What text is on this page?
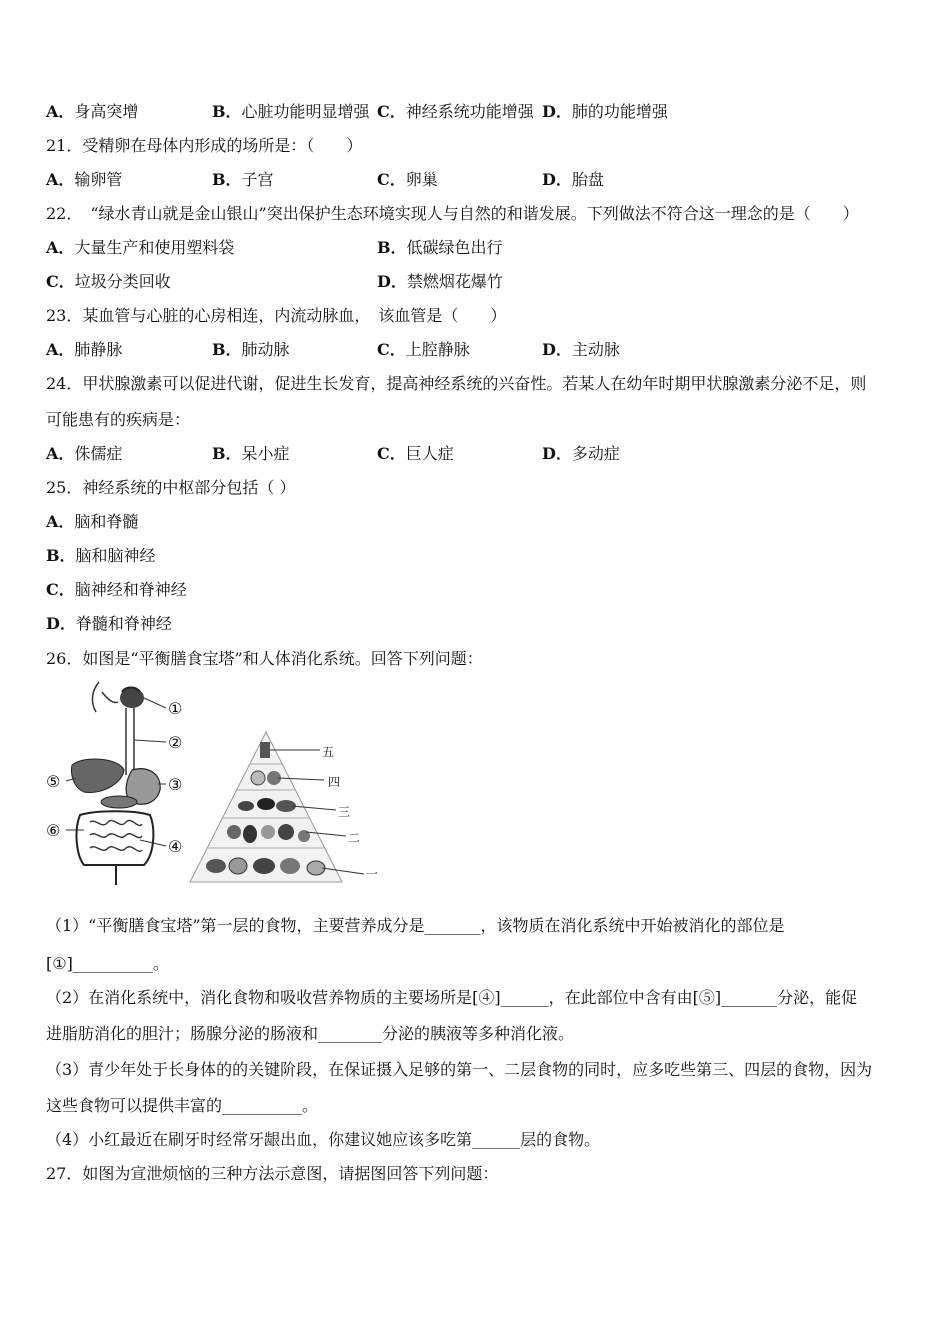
A．身高突增	B．心脏功能明显增强 C．神经系统功能增强 D．肺的功能增强
21．受精卵在母体内形成的场所是：（　　）
A．输卵管	B．子宫	C．卵巢	D．胎盘
22．　“绿水青山就是金山银山”突出保护生态环境实现人与自然的和谐发展。下列做法不符合这一理念的是（　　）
A．大量生产和使用塑料袋	B．低碳绿色出行
C．垃圾分类回收	D．禁燃烟花爆竹
23．某血管与心脏的心房相连，内流动脉血，　该血管是（　　）
A．肺静脉	B．肺动脉	C．上腔静脉	D．主动脉
24．甲状腺激素可以促进代谢，促进生长发育，提高神经系统的兴奋性。若某人在幼年时期甲状腺激素分泌不足，则
可能患有的疾病是：
A．侏儒症	B．呆小症	C．巨人症	D．多动症
25．神经系统的中枢部分包括（ ）
A．脑和脊髓
B．脑和脑神经
C．脑神经和脊神经
D．脊髓和脊神经
26．如图是“平衡膳食宝塔”和人体消化系统。回答下列问题：
①
②
③
④
⑤
⑥
五
四
三
二
一
（1）“平衡膳食宝塔”第一层的食物，主要营养成分是_______，该物质在消化系统中开始被消化的部位是
[①]__________。
（2）在消化系统中，消化食物和吸收营养物质的主要场所是[④]______，在此部位中含有由[⑤]_______分泌，能促
进脂肪消化的胆汁；肠腺分泌的肠液和________分泌的胰液等多种消化液。
（3）青少年处于长身体的的关键阶段，在保证摄入足够的第一、二层食物的同时，应多吃些第三、四层的食物，因为
这些食物可以提供丰富的__________。
（4）小红最近在刷牙时经常牙龈出血，你建议她应该多吃第______层的食物。
27．如图为宣泄烦恼的三种方法示意图，请据图回答下列问题：
